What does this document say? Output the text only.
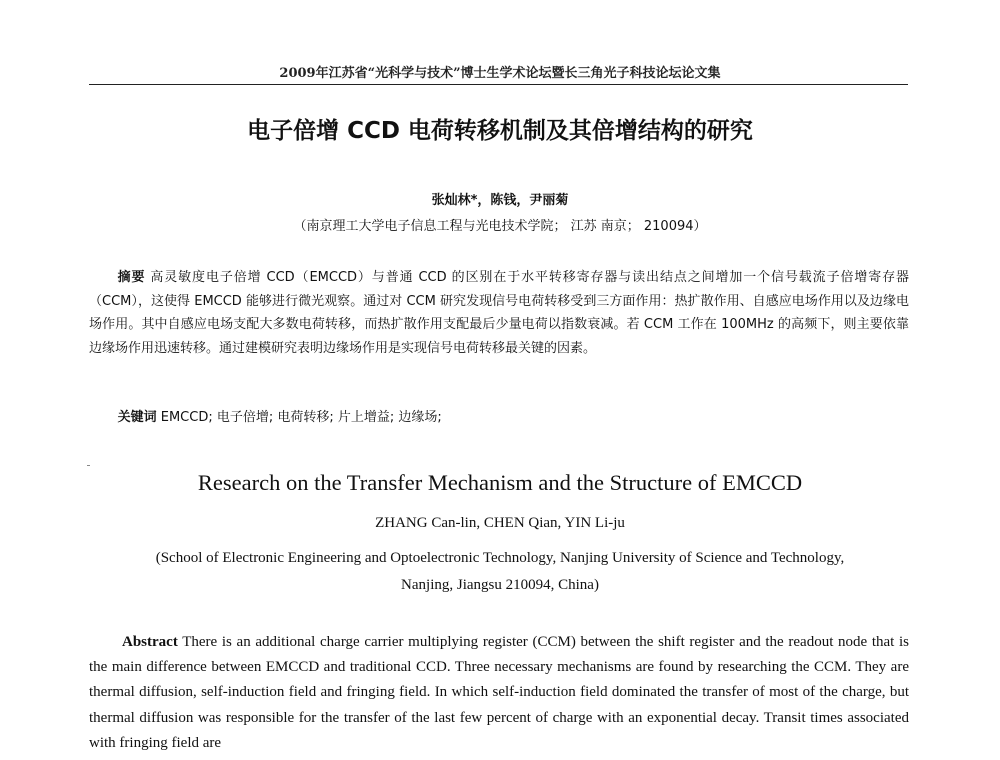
2009年江苏省“光科学与技术”博士生学术论坛暨长三角光子科技论坛论文集
电子倍增 CCD 电荷转移机制及其倍增结构的研究
张灿林*，陈钱，尹丽菊
（南京理工大学电子信息工程与光电技术学院； 江苏 南京； 210094）

摘要 高灵敏度电子倍增 CCD（EMCCD）与普通 CCD 的区别在于水平转移寄存器与读出结点之间增加一个信号载流子倍增寄存器（CCM），这使得 EMCCD 能够进行微光观察。通过对 CCM 研究发现信号电荷转移受到三方面作用：热扩散作用、自感应电场作用以及边缘电场作用。其中自感应电场支配大多数电荷转移，而热扩散作用支配最后少量电荷以指数衰减。若 CCM 工作在 100MHz 的高频下，则主要依靠边缘场作用迅速转移。通过建模研究表明边缘场作用是实现信号电荷转移最关键的因素。

关键词 EMCCD; 电子倍增; 电荷转移; 片上增益; 边缘场;

Research on the Transfer Mechanism and the Structure of EMCCD
ZHANG Can-lin, CHEN Qian, YIN Li-ju
(School of Electronic Engineering and Optoelectronic Technology, Nanjing University of Science and Technology,
Nanjing, Jiangsu 210094, China)

Abstract There is an additional charge carrier multiplying register (CCM) between the shift register and the readout node that is the main difference between EMCCD and traditional CCD. Three necessary mechanisms are found by researching the CCM. They are thermal diffusion, self-induction field and fringing field. In which self-induction field dominated the transfer of most of the charge, but thermal diffusion was responsible for the transfer of the last few percent of charge with an exponential decay. Transit times associated with fringing field are
